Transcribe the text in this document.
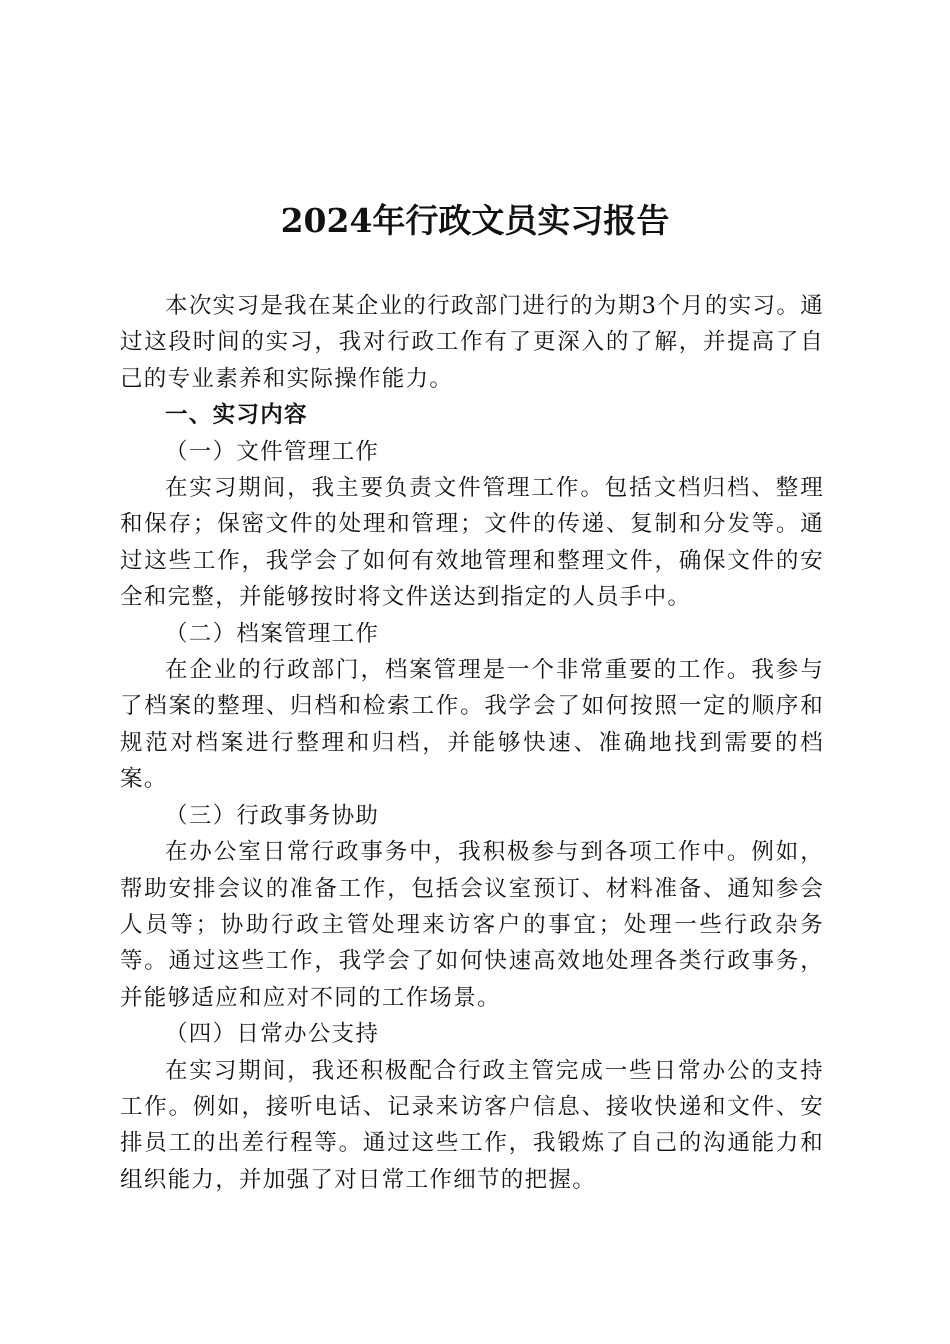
2024年行政文员实习报告

本次实习是我在某企业的行政部门进行的为期3个月的实习。通过这段时间的实习，我对行政工作有了更深入的了解，并提高了自己的专业素养和实际操作能力。

一、实习内容

（一）文件管理工作

在实习期间，我主要负责文件管理工作。包括文档归档、整理和保存；保密文件的处理和管理；文件的传递、复制和分发等。通过这些工作，我学会了如何有效地管理和整理文件，确保文件的安全和完整，并能够按时将文件送达到指定的人员手中。

（二）档案管理工作

在企业的行政部门，档案管理是一个非常重要的工作。我参与了档案的整理、归档和检索工作。我学会了如何按照一定的顺序和规范对档案进行整理和归档，并能够快速、准确地找到需要的档案。

（三）行政事务协助

在办公室日常行政事务中，我积极参与到各项工作中。例如，帮助安排会议的准备工作，包括会议室预订、材料准备、通知参会人员等；协助行政主管处理来访客户的事宜；处理一些行政杂务等。通过这些工作，我学会了如何快速高效地处理各类行政事务，并能够适应和应对不同的工作场景。

（四）日常办公支持

在实习期间，我还积极配合行政主管完成一些日常办公的支持工作。例如，接听电话、记录来访客户信息、接收快递和文件、安排员工的出差行程等。通过这些工作，我锻炼了自己的沟通能力和组织能力，并加强了对日常工作细节的把握。
